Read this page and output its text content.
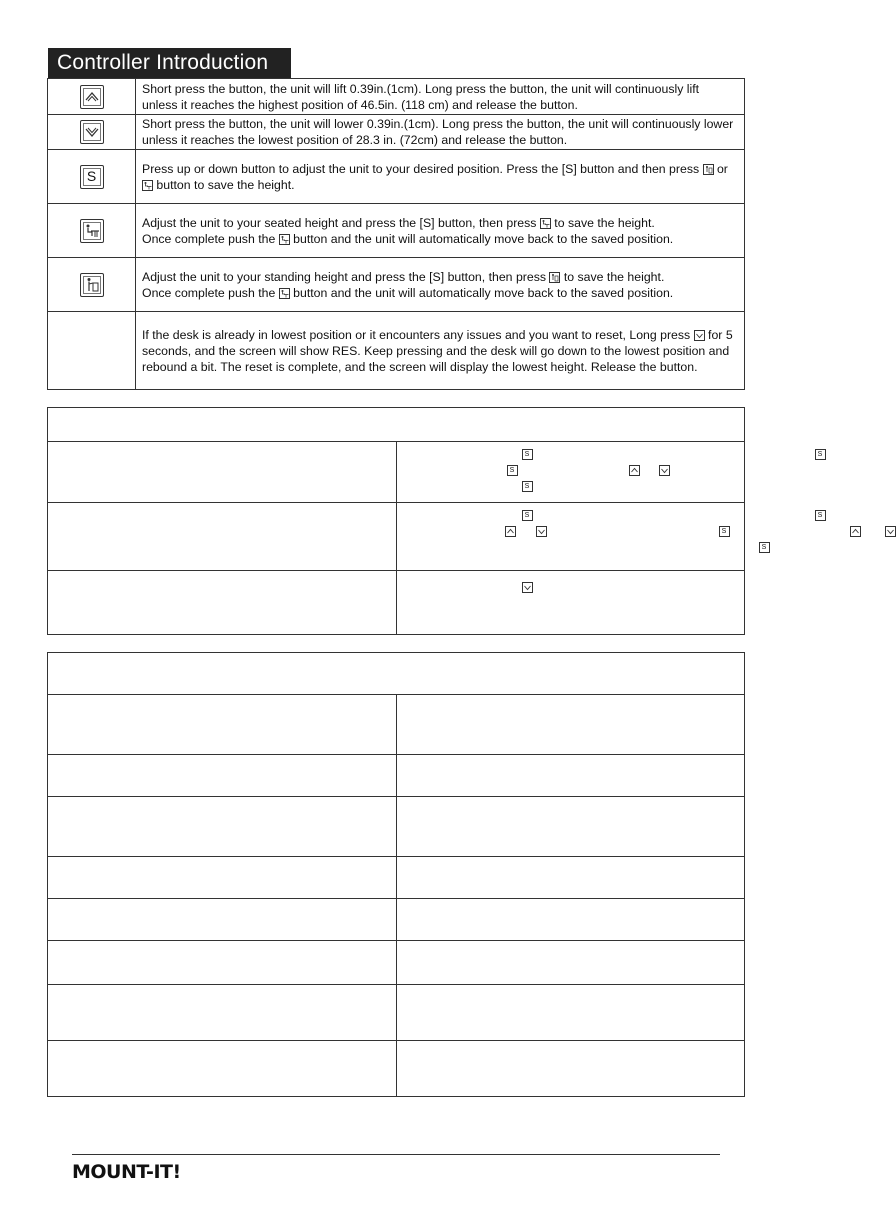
Controller Introduction
	Short press the button, the unit will lift 0.39in.(1cm). Long press the button, the unit will continuously lift unless it reaches the highest position of 46.5in. (118 cm) and release the button.

	Short press the button, the unit will lower 0.39in.(1cm). Long press the button, the unit will continuously lower unless it reaches the lowest position of 28.3 in. (72cm) and release the button.
S	Press up or down button to adjust the unit to your desired position. Press the [S] button and then press or
button to save the height.

	Adjust the unit to your seated height and press the [S] button, then press to save the height.
Once complete push the button and the unit will automatically move back to the saved position.

	Adjust the unit to your standing height and press the [S] button, then press to save the height.
Once complete push the button and the unit will automatically move back to the saved position.
	If the desk is already in lowest position or it encounters any issues and you want to reset, Long press for 5 seconds, and the screen will show RES. Keep pressing and the desk will go down to the lowest position and rebound a bit. The reset is complete, and the screen will display the lowest height. Release the button.

	S S
S
S

	S S
S
S

MOUNT-IT!
